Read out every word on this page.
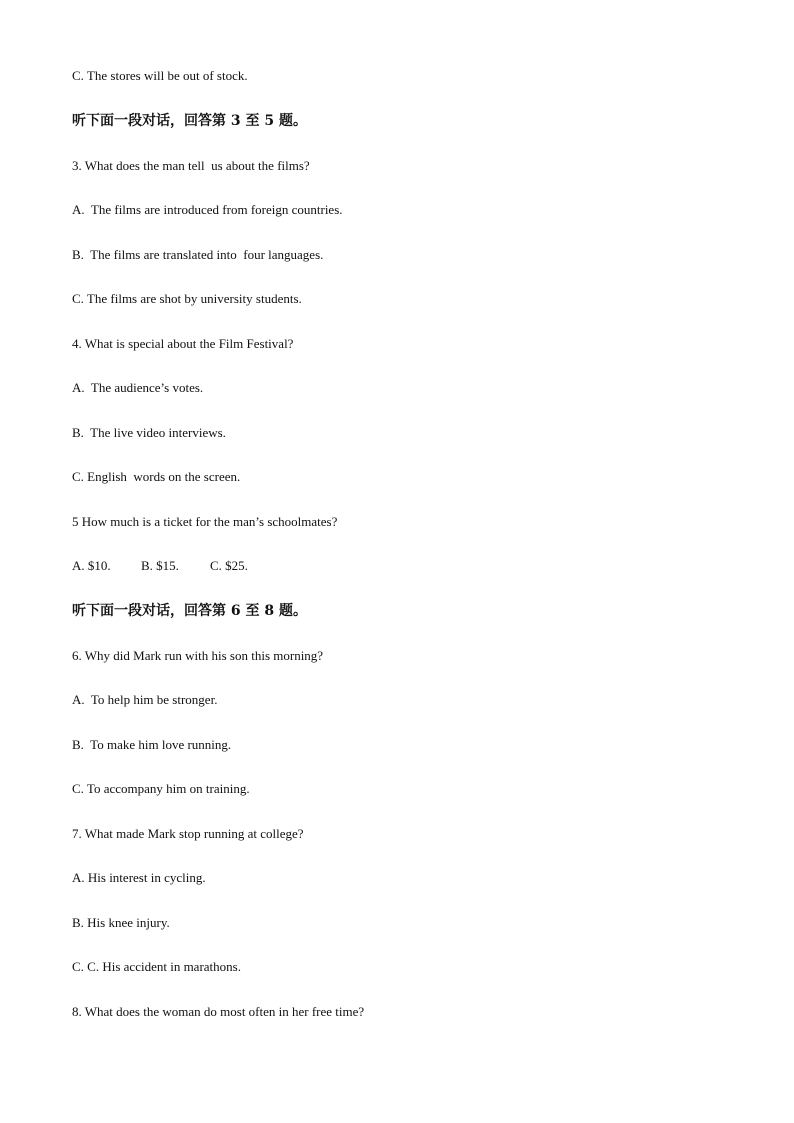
C. The stores will be out of stock.
听下面一段对话，回答第 3 至 5 题。
3. What does the man tell  us about the films?
A.  The films are introduced from foreign countries.
B.  The films are translated into  four languages.
C. The films are shot by university students.
4. What is special about the Film Festival?
A.  The audience’s votes.
B.  The live video interviews.
C. English  words on the screen.
5 How much is a ticket for the man’s schoolmates?
A. $10.	B. $15.	C. $25.
听下面一段对话，回答第 6 至 8 题。
6. Why did Mark run with his son this morning?
A.  To help him be stronger.
B.  To make him love running.
C. To accompany him on training.
7. What made Mark stop running at college?
A. His interest in cycling.
B. His knee injury.
C. C. His accident in marathons.
8. What does the woman do most often in her free time?
